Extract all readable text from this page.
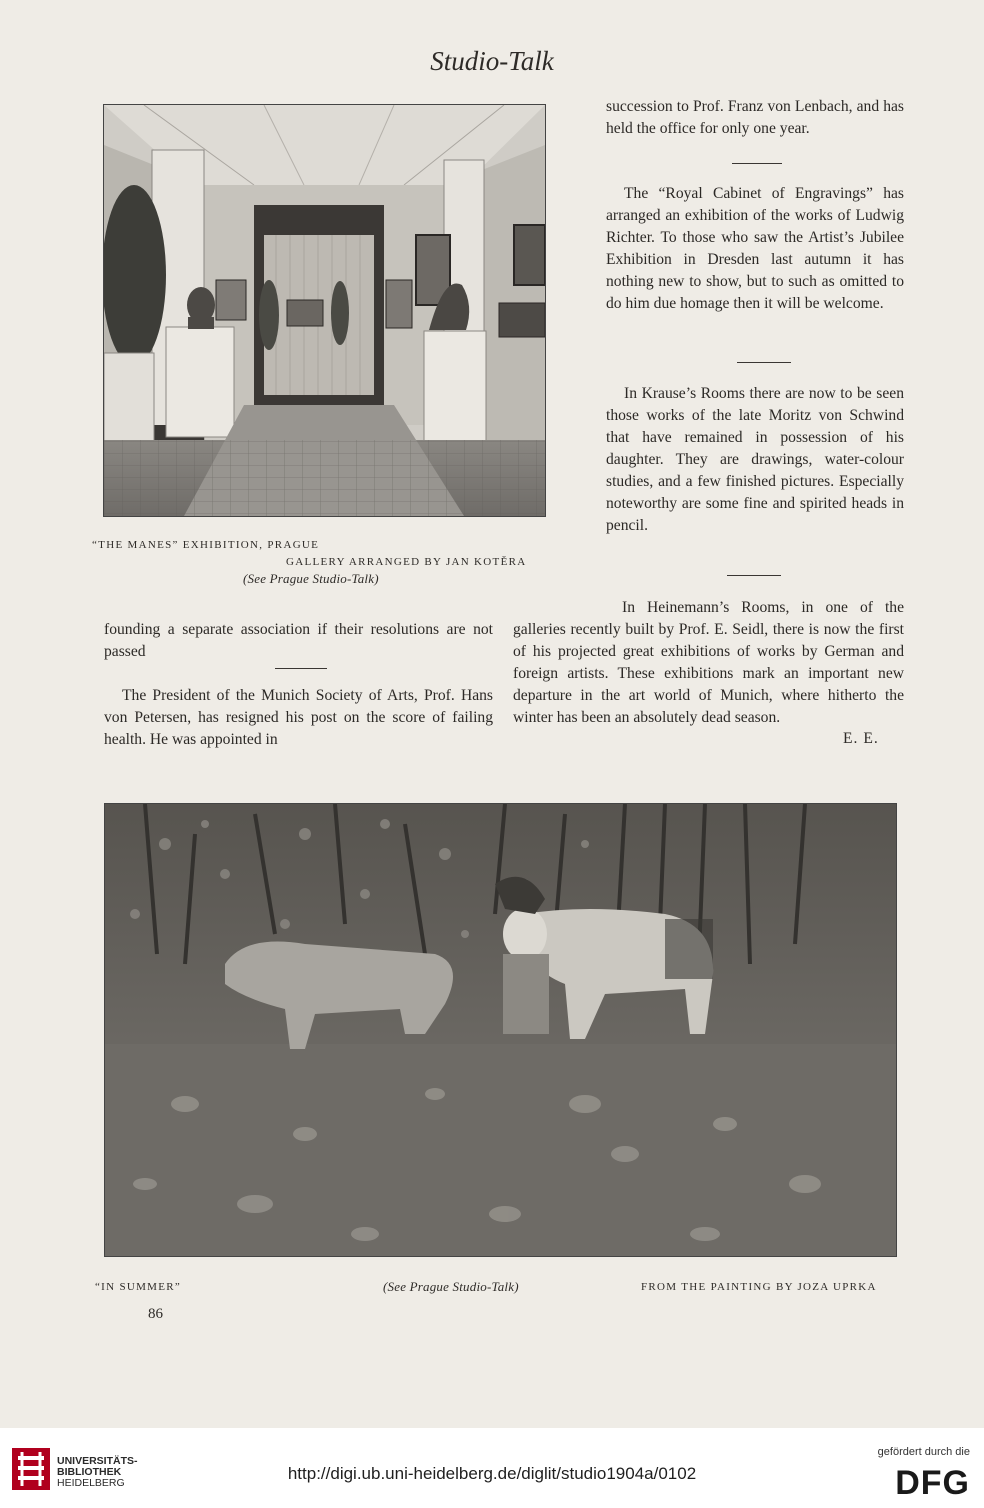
Studio-Talk
“THE MANES” EXHIBITION, PRAGUE
GALLERY ARRANGED BY JAN KOTĚRA
(See Prague Studio-Talk)

succession to Prof. Franz von Lenbach, and has held the office for only one year.

The “Royal Cabinet of Engravings” has arranged an exhibition of the works of Ludwig Richter. To those who saw the Artist’s Jubilee Exhibition in Dresden last autumn it has nothing new to show, but to such as omitted to do him due homage then it will be welcome.

In Krause’s Rooms there are now to be seen those works of the late Moritz von Schwind that have remained in possession of his daughter. They are drawings, water-colour studies, and a few finished pictures. Especially noteworthy are some fine and spirited heads in pencil.

founding a separate association if their resolutions are not passed

The President of the Munich Society of Arts, Prof. Hans von Petersen, has resigned his post on the score of failing health. He was appointed in

In Heinemann’s Rooms, in one of the galleries recently built by Prof. E. Seidl, there is now the first of his projected great exhibitions of works by German and foreign artists. These exhibitions mark an important new departure in the art world of Munich, where hitherto the winter has been an absolutely dead season.

E. E.
“IN SUMMER”	(See Prague Studio-Talk)	FROM THE PAINTING BY JOZA UPRKA
86
UNIVERSITÄTS-
BIBLIOTHEK
HEIDELBERG	http://digi.ub.uni-heidelberg.de/diglit/studio1904a/0102
gefördert durch die
DFG
